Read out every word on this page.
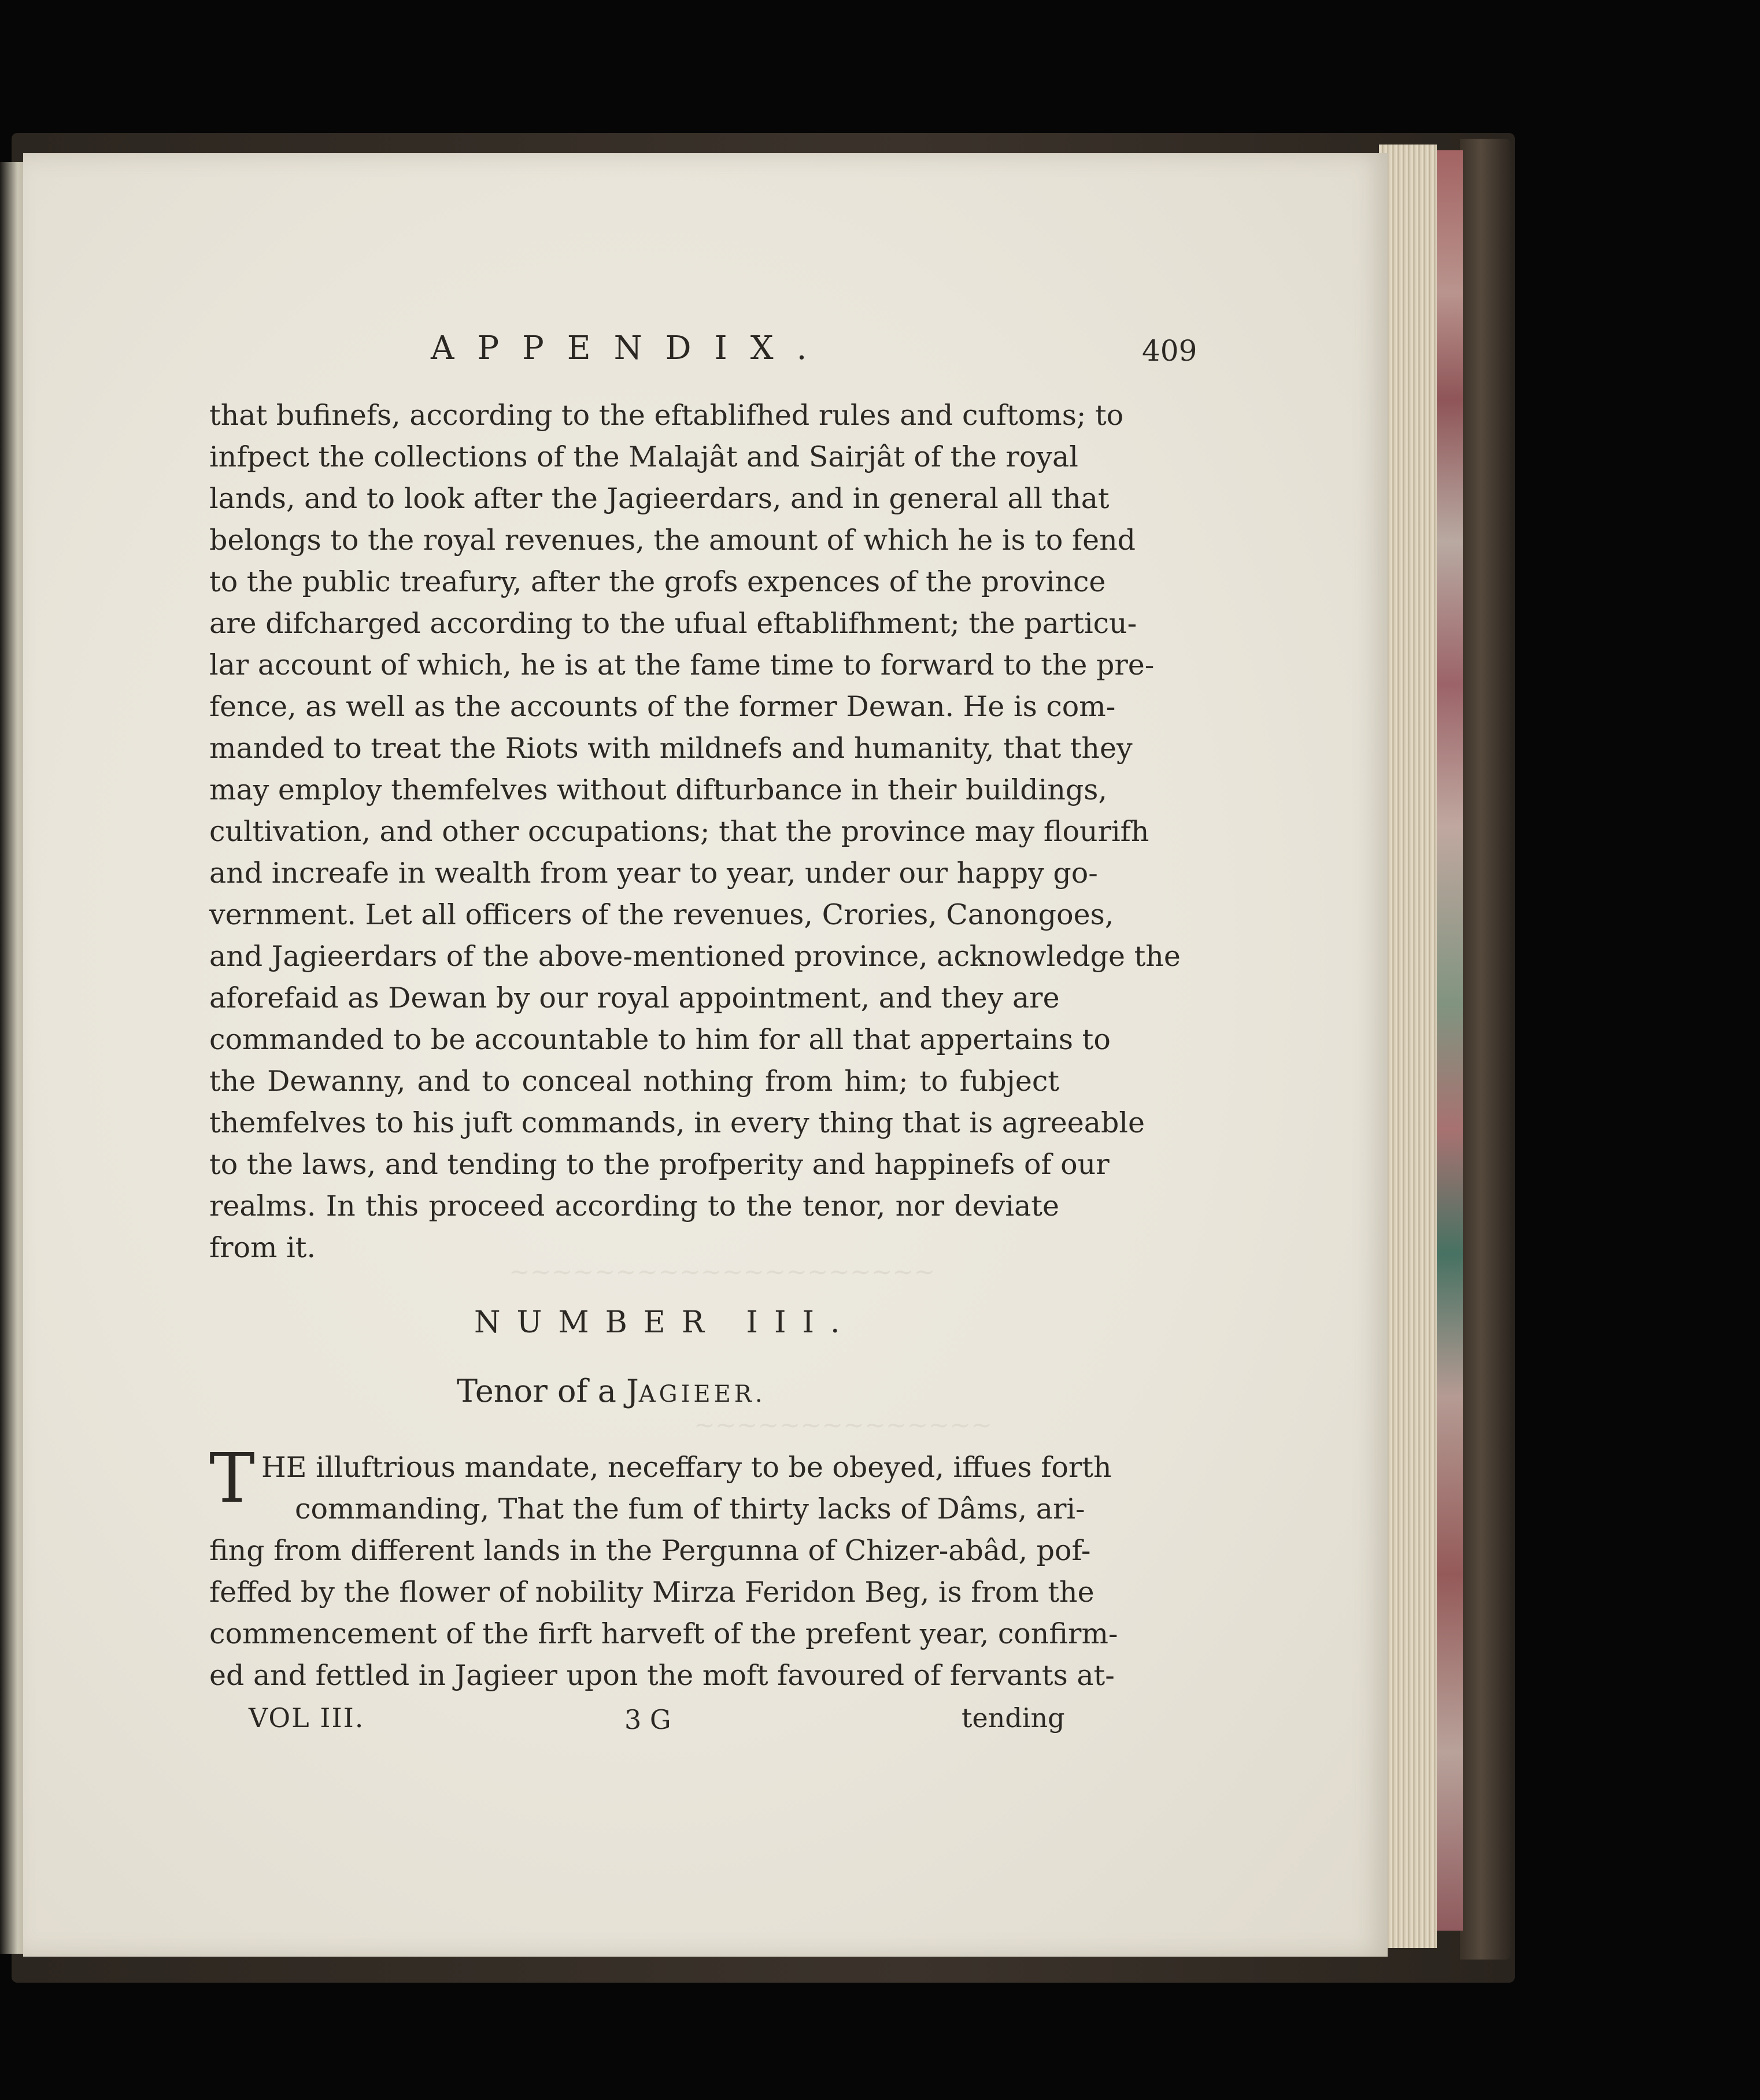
~~~~~~~~~~~~~~~~~~~~
~~~~~~~~~~~~~~
APPENDIX.	409
that bufinefs, according to the eftablifhed rules and cuftoms; to
infpect the collections of the Malajât and Sairjât of the royal
lands, and to look after the Jagieerdars, and in general all that
belongs to the royal revenues, the amount of which he is to fend
to the public treafury, after the grofs expences of the province
are difcharged according to the ufual eftablifhment; the particu-
lar account of which, he is at the fame time to forward to the pre-
fence, as well as the accounts of the former Dewan. He is com-
manded to treat the Riots with mildnefs and humanity, that they
may employ themfelves without difturbance in their buildings,
cultivation, and other occupations; that the province may flourifh
and increafe in wealth from year to year, under our happy go-
vernment. Let all officers of the revenues, Crories, Canongoes,
and Jagieerdars of the above-mentioned province, acknowledge the
aforefaid as Dewan by our royal appointment, and they are
commanded to be accountable to him for all that appertains to
the Dewanny, and to conceal nothing from him; to fubject
themfelves to his juft commands, in every thing that is agreeable
to the laws, and tending to the profperity and happinefs of our
realms. In this proceed according to the tenor, nor deviate
from it.
NUMBER III.
Tenor of a JAGIEER.
T HE illuftrious mandate, neceffary to be obeyed, iffues forth
commanding, That the fum of thirty lacks of Dâms, ari-
fing from different lands in the Pergunna of Chizer-abâd, pof-
feffed by the flower of nobility Mirza Feridon Beg, is from the
commencement of the firft harveft of the prefent year, confirm-
ed and fettled in Jagieer upon the moft favoured of fervants at-
VOL III.	3 G	tending
